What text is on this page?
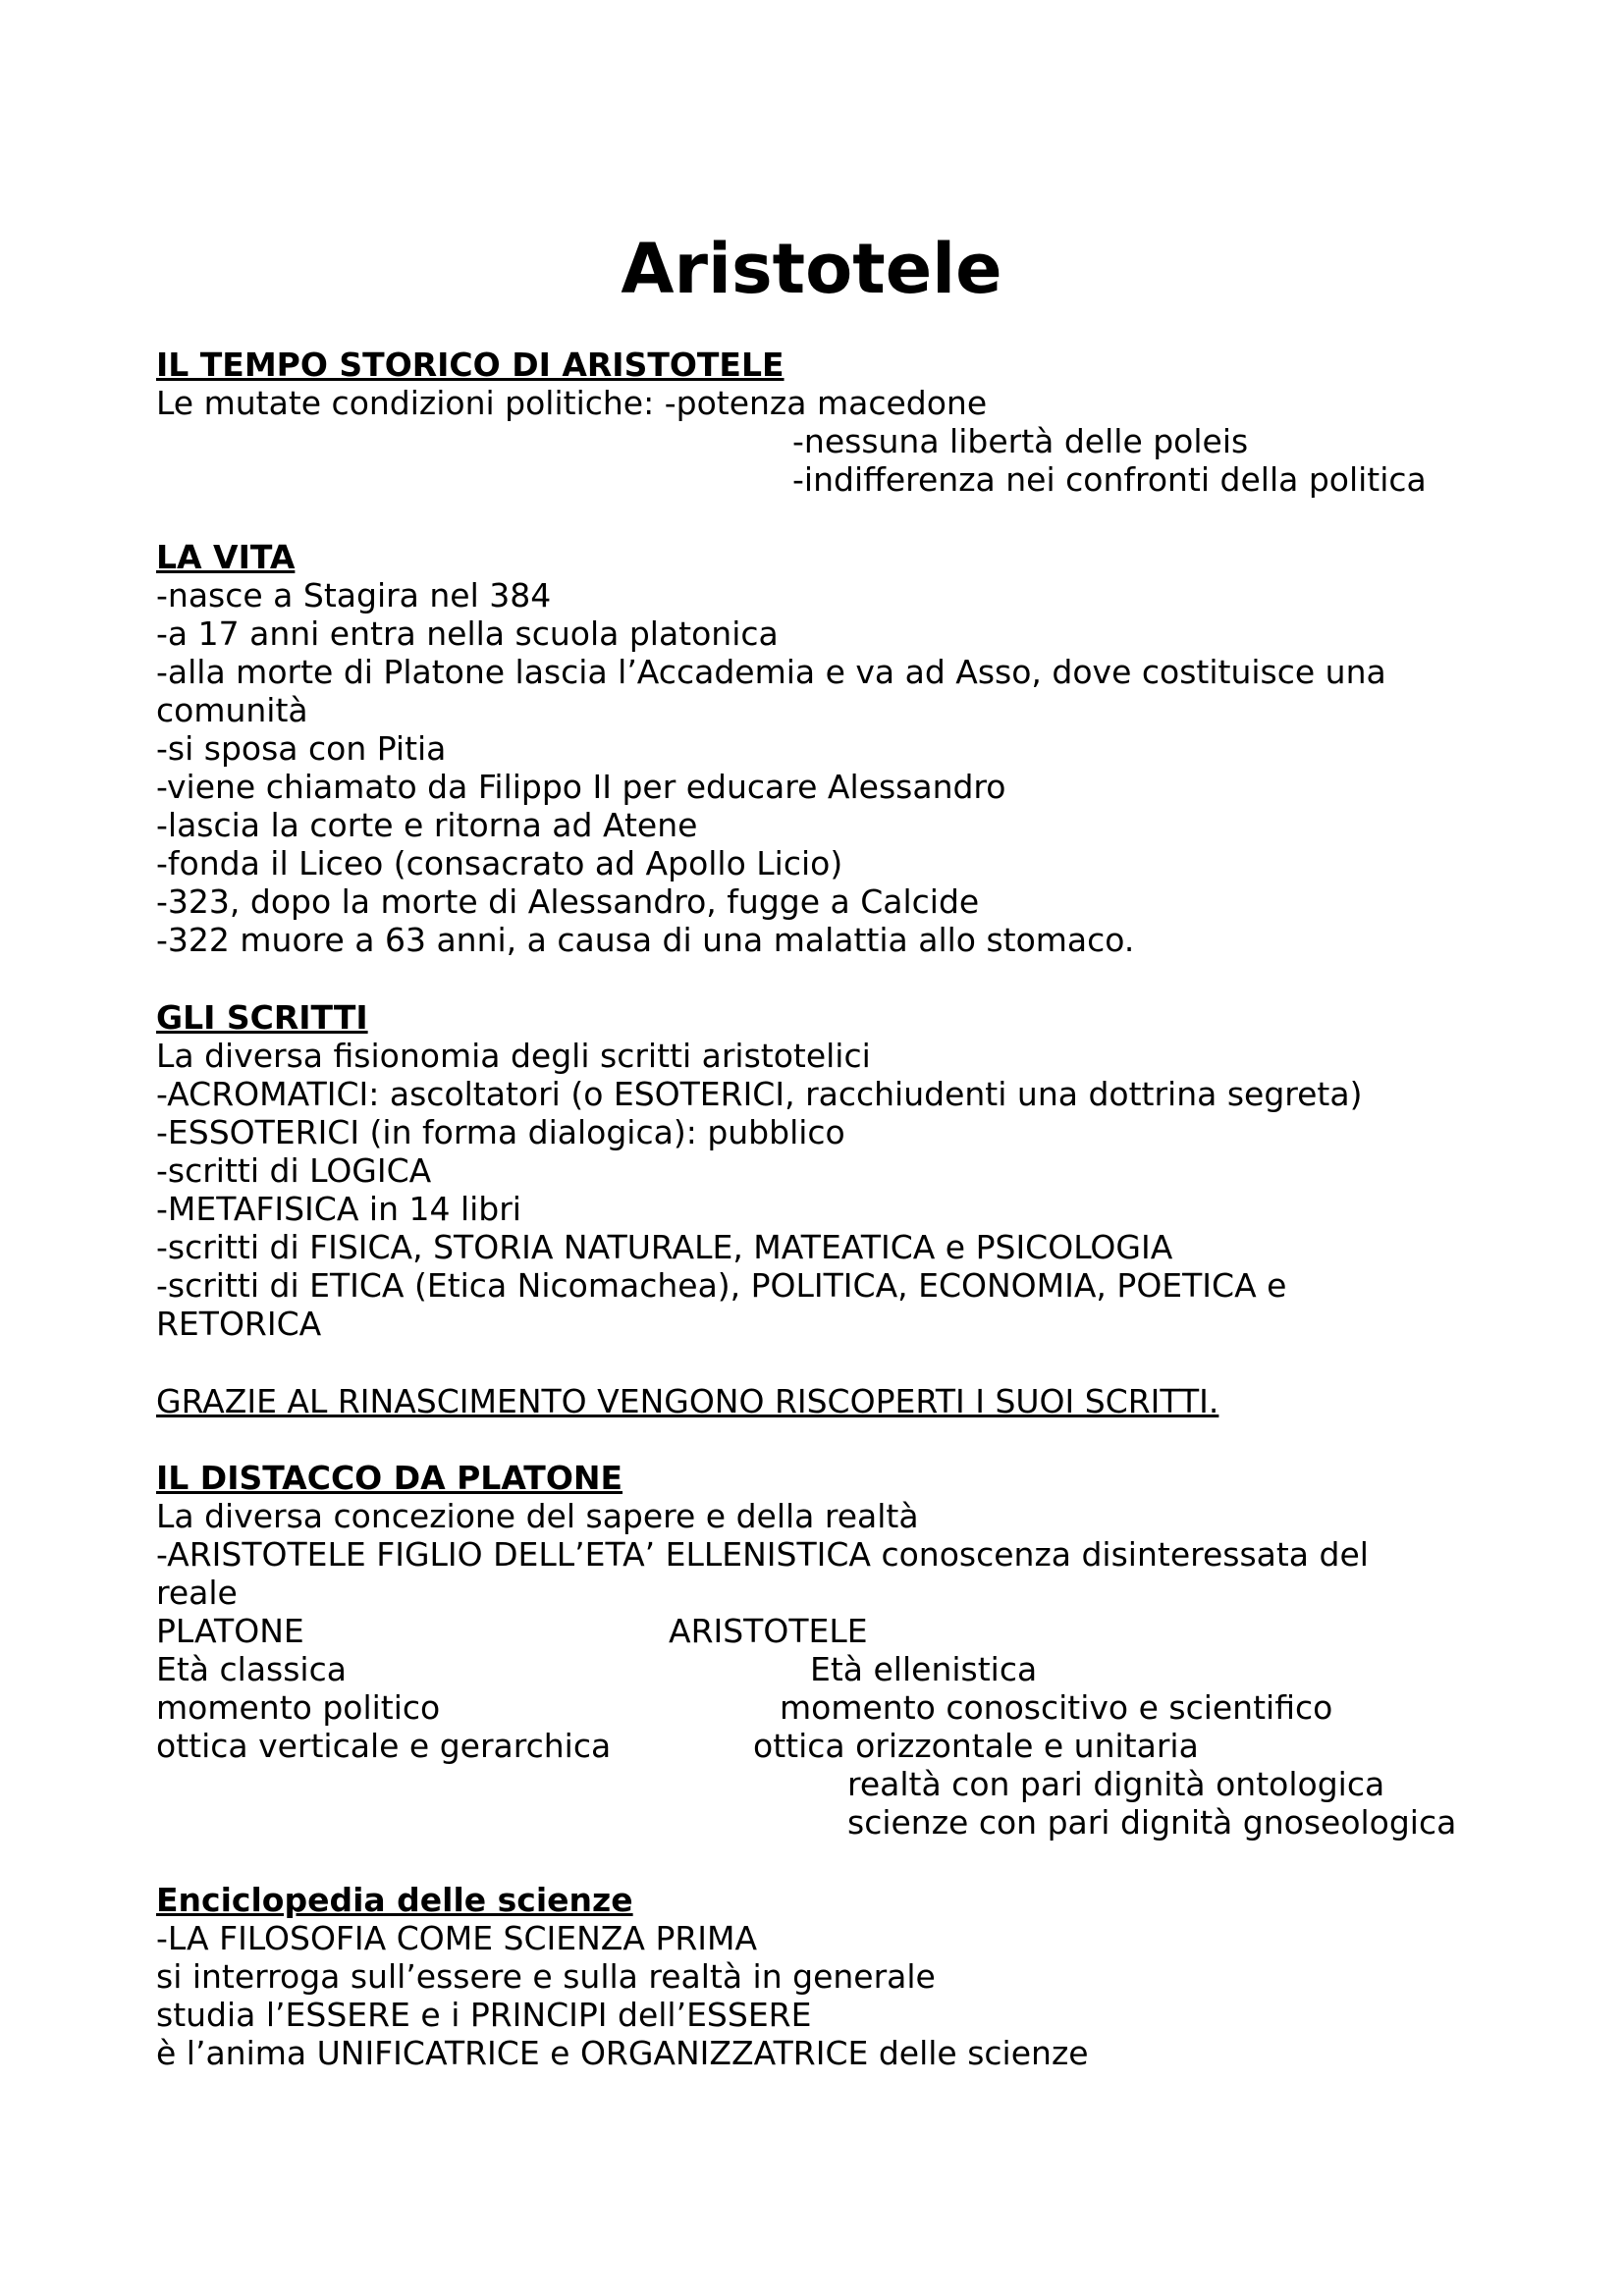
Aristotele

IL TEMPO STORICO DI ARISTOTELE

Le mutate condizioni politiche: -potenza macedone

-nessuna libertà delle poleis

-indifferenza nei confronti della politica

LA VITA

-nasce a Stagira nel 384

-a 17 anni entra nella scuola platonica

-alla morte di Platone lascia l’Accademia e va ad Asso, dove costituisce una

comunità

-si sposa con Pitia

-viene chiamato da Filippo II per educare Alessandro

-lascia la corte e ritorna ad Atene

-fonda il Liceo (consacrato ad Apollo Licio)

-323, dopo la morte di Alessandro, fugge a Calcide

-322 muore a 63 anni, a causa di una malattia allo stomaco.

GLI SCRITTI

La diversa fisionomia degli scritti aristotelici

-ACROMATICI: ascoltatori (o ESOTERICI, racchiudenti una dottrina segreta)

-ESSOTERICI (in forma dialogica): pubblico

-scritti di LOGICA

-METAFISICA in 14 libri

-scritti di FISICA, STORIA NATURALE, MATEATICA e PSICOLOGIA

-scritti di ETICA (Etica Nicomachea), POLITICA, ECONOMIA, POETICA e

RETORICA

GRAZIE AL RINASCIMENTO VENGONO RISCOPERTI I SUOI SCRITTI.

IL DISTACCO DA PLATONE

La diversa concezione del sapere e della realtà

-ARISTOTELE FIGLIO DELL’ETA’ ELLENISTICA conoscenza disinteressata del

reale

PLATONE

Età classica

momento politico

ottica verticale e gerarchica

ARISTOTELE

Età ellenistica

momento conoscitivo e scientifico

ottica orizzontale e unitaria

realtà con pari dignità ontologica

scienze con pari dignità gnoseologica

Enciclopedia delle scienze

-LA FILOSOFIA COME SCIENZA PRIMA

si interroga sull’essere e sulla realtà in generale

studia l’ESSERE e i PRINCIPI dell’ESSERE

è l’anima UNIFICATRICE e ORGANIZZATRICE delle scienze
